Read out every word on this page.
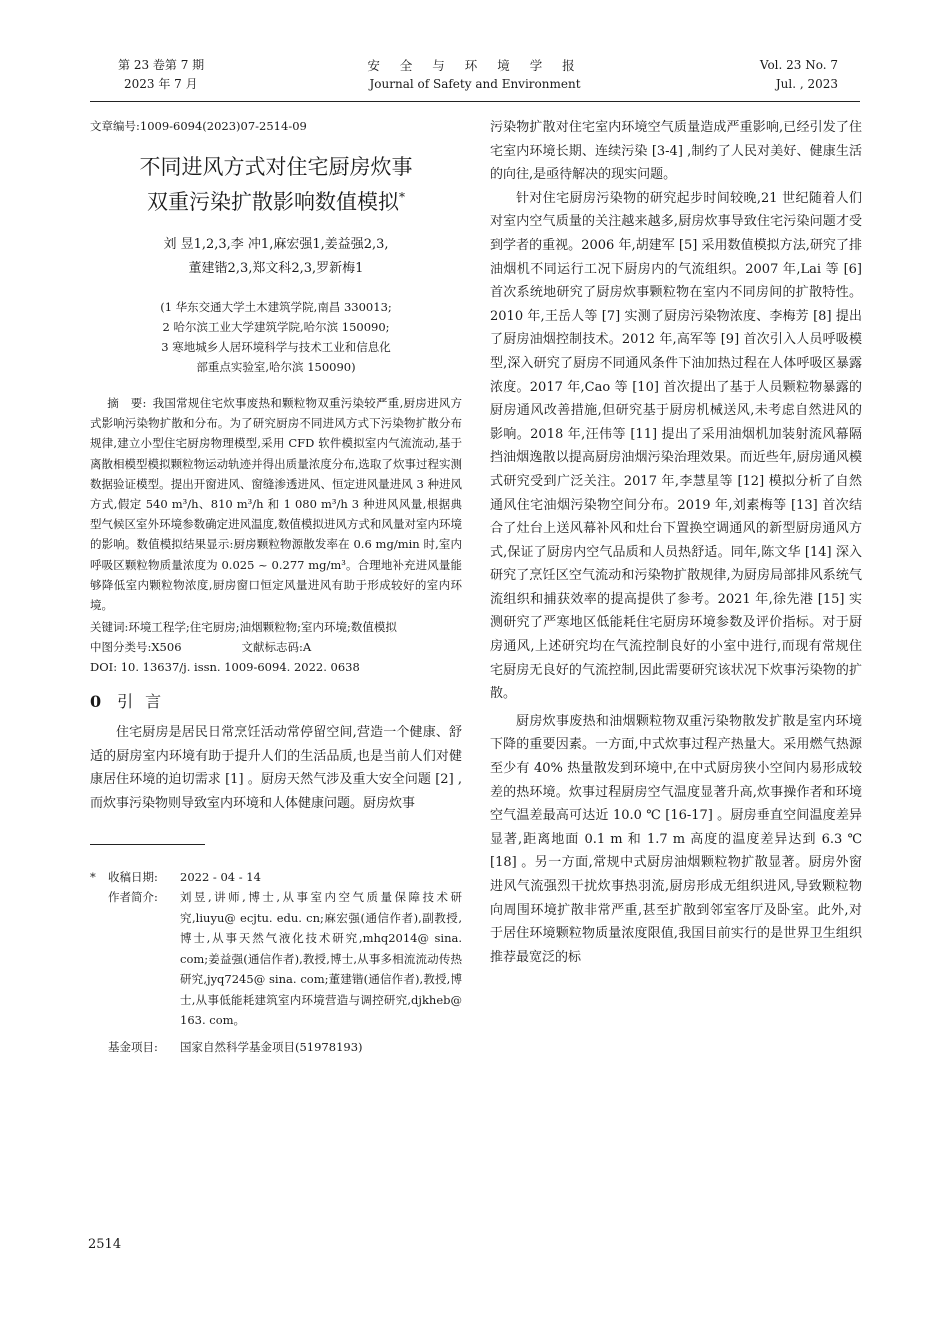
第 23 卷第 7 期
2023 年 7 月
安 全 与 环 境 学 报
Journal of Safety and Environment
Vol. 23 No. 7
Jul. , 2023
文章编号:1009-6094(2023)07-2514-09
不同进风方式对住宅厨房炊事
双重污染扩散影响数值模拟*
刘 昱1,2,3,李 冲1,麻宏强1,姜益强2,3,
董建锴2,3,郑文科2,3,罗新梅1
(1 华东交通大学土木建筑学院,南昌 330013;
2 哈尔滨工业大学建筑学院,哈尔滨 150090;
3 寒地城乡人居环境科学与技术工业和信息化
部重点实验室,哈尔滨 150090)
摘　要: 我国常规住宅炊事废热和颗粒物双重污染较严重,厨房进风方式影响污染物扩散和分布。为了研究厨房不同进风方式下污染物扩散分布规律,建立小型住宅厨房物理模型,采用 CFD 软件模拟室内气流流动,基于离散相模型模拟颗粒物运动轨迹并得出质量浓度分布,选取了炊事过程实测数据验证模型。提出开窗进风、窗缝渗透进风、恒定进风量进风 3 种进风方式,假定 540 m³/h、810 m³/h 和 1 080 m³/h 3 种进风风量,根据典型气候区室外环境参数确定进风温度,数值模拟进风方式和风量对室内环境的影响。数值模拟结果显示:厨房颗粒物源散发率在 0.6 mg/min 时,室内呼吸区颗粒物质量浓度为 0.025 ~ 0.277 mg/m³。合理地补充进风量能够降低室内颗粒物浓度,厨房窗口恒定风量进风有助于形成较好的室内环境。
关键词:环境工程学;住宅厨房;油烟颗粒物;室内环境;数值模拟
中图分类号:X506	文献标志码:A
DOI: 10. 13637/j. issn. 1009-6094. 2022. 0638
0 引言

住宅厨房是居民日常烹饪活动常停留空间,营造一个健康、舒适的厨房室内环境有助于提升人们的生活品质,也是当前人们对健康居住环境的迫切需求 [1] 。厨房天然气涉及重大安全问题 [2] ,而炊事污染物则导致室内环境和人体健康问题。厨房炊事

*	收稿日期:	2022 - 04 - 14
作者简介:	刘昱,讲师,博士,从事室内空气质量保障技术研究,liuyu@ ecjtu. edu. cn;麻宏强(通信作者),副教授,博士,从事天然气液化技术研究,mhq2014@ sina. com;姜益强(通信作者),教授,博士,从事多相流流动传热研究,jyq7245@ sina. com;董建锴(通信作者),教授,博士,从事低能耗建筑室内环境营造与调控研究,djkheb@ 163. com。
基金项目:	国家自然科学基金项目(51978193)

污染物扩散对住宅室内环境空气质量造成严重影响,已经引发了住宅室内环境长期、连续污染 [3-4] ,制约了人民对美好、健康生活的向往,是亟待解决的现实问题。

针对住宅厨房污染物的研究起步时间较晚,21 世纪随着人们对室内空气质量的关注越来越多,厨房炊事导致住宅污染问题才受到学者的重视。2006 年,胡建军 [5] 采用数值模拟方法,研究了排油烟机不同运行工况下厨房内的气流组织。2007 年,Lai 等 [6] 首次系统地研究了厨房炊事颗粒物在室内不同房间的扩散特性。2010 年,王岳人等 [7] 实测了厨房污染物浓度、李梅芳 [8] 提出了厨房油烟控制技术。2012 年,高军等 [9] 首次引入人员呼吸模型,深入研究了厨房不同通风条件下油加热过程在人体呼吸区暴露浓度。2017 年,Cao 等 [10] 首次提出了基于人员颗粒物暴露的厨房通风改善措施,但研究基于厨房机械送风,未考虑自然进风的影响。2018 年,汪伟等 [11] 提出了采用油烟机加装射流风幕隔挡油烟逸散以提高厨房油烟污染治理效果。而近些年,厨房通风模式研究受到广泛关注。2017 年,李慧星等 [12] 模拟分析了自然通风住宅油烟污染物空间分布。2019 年,刘素梅等 [13] 首次结合了灶台上送风幕补风和灶台下置换空调通风的新型厨房通风方式,保证了厨房内空气品质和人员热舒适。同年,陈文华 [14] 深入研究了烹饪区空气流动和污染物扩散规律,为厨房局部排风系统气流组织和捕获效率的提高提供了参考。2021 年,徐先港 [15] 实测研究了严寒地区低能耗住宅厨房环境参数及评价指标。对于厨房通风,上述研究均在气流控制良好的小室中进行,而现有常规住宅厨房无良好的气流控制,因此需要研究该状况下炊事污染物的扩散。

厨房炊事废热和油烟颗粒物双重污染物散发扩散是室内环境下降的重要因素。一方面,中式炊事过程产热量大。采用燃气热源至少有 40% 热量散发到环境中,在中式厨房狭小空间内易形成较差的热环境。炊事过程厨房空气温度显著升高,炊事操作者和环境空气温差最高可达近 10.0 ℃ [16-17] 。厨房垂直空间温度差异显著,距离地面 0.1 m 和 1.7 m 高度的温度差异达到 6.3 ℃ [18] 。另一方面,常规中式厨房油烟颗粒物扩散显著。厨房外窗进风气流强烈干扰炊事热羽流,厨房形成无组织进风,导致颗粒物向周围环境扩散非常严重,甚至扩散到邻室客厅及卧室。此外,对于居住环境颗粒物质量浓度限值,我国目前实行的是世界卫生组织推荐最宽泛的标

2514
